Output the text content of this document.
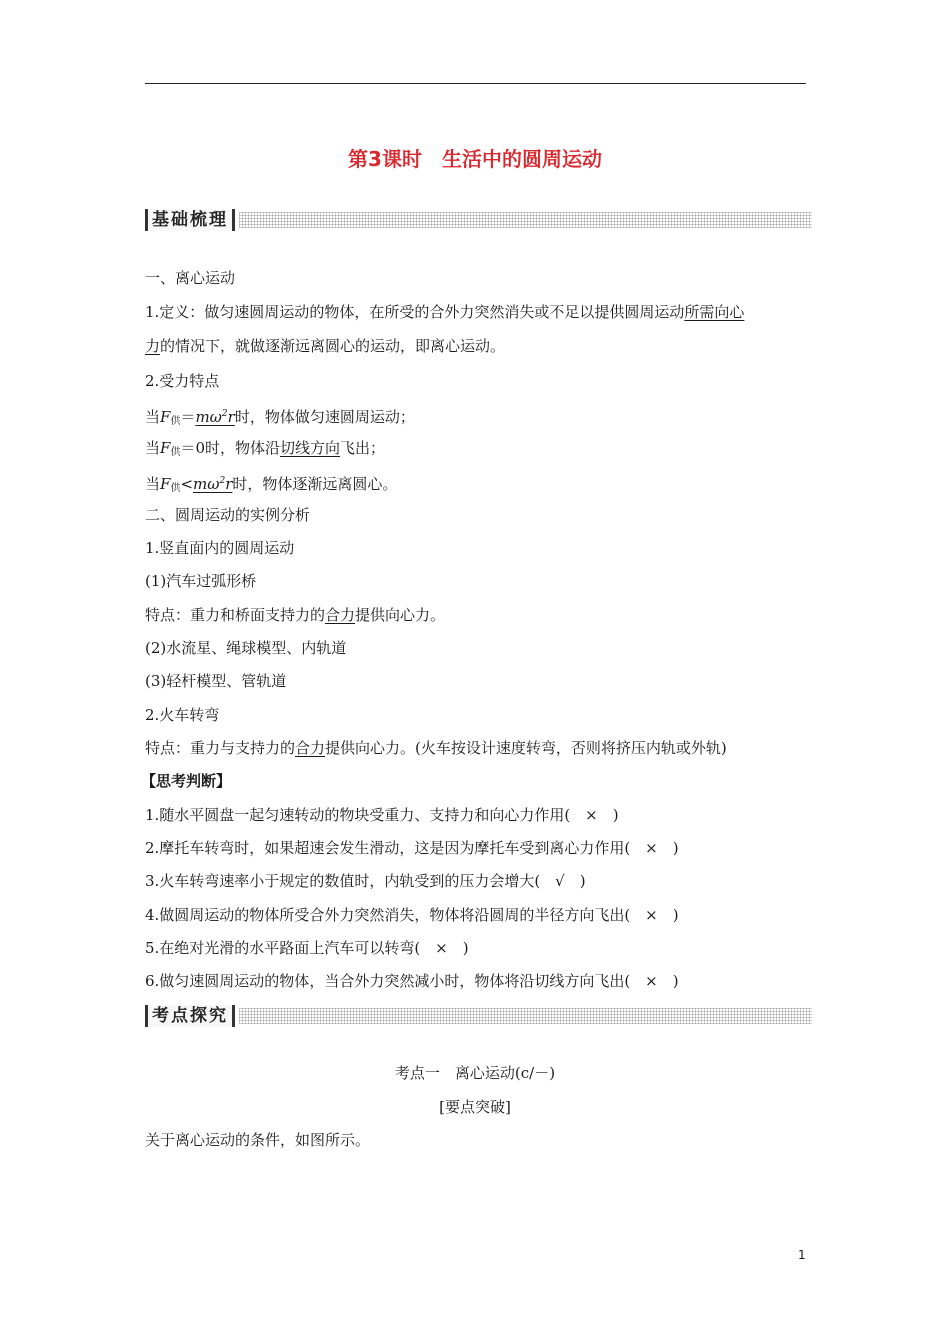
第3课时　生活中的圆周运动
基础梳理
一、离心运动
1.定义：做匀速圆周运动的物体，在所受的合外力突然消失或不足以提供圆周运动所需向心
力的情况下，就做逐渐远离圆心的运动，即离心运动。
2.受力特点
当$F_供=m\omega^2r$时，物体做匀速圆周运动；
当$F_供=0$时，物体沿切线方向飞出；
当$F_供<m\omega^2r$时，物体逐渐远离圆心。
二、圆周运动的实例分析
1.竖直面内的圆周运动
(1)汽车过弧形桥
特点：重力和桥面支持力的合力提供向心力。
(2)水流星、绳球模型、内轨道
(3)轻杆模型、管轨道
2.火车转弯
特点：重力与支持力的合力提供向心力。(火车按设计速度转弯，否则将挤压内轨或外轨)
【思考判断】
1.随水平圆盘一起匀速转动的物块受重力、支持力和向心力作用(　×　)
2.摩托车转弯时，如果超速会发生滑动，这是因为摩托车受到离心力作用(　×　)
3.火车转弯速率小于规定的数值时，内轨受到的压力会增大(　√　)
4.做圆周运动的物体所受合外力突然消失，物体将沿圆周的半径方向飞出(　×　)
5.在绝对光滑的水平路面上汽车可以转弯(　×　)
6.做匀速圆周运动的物体，当合外力突然减小时，物体将沿切线方向飞出(　×　)
考点探究
考点一　离心运动(c/－)
[要点突破]
关于离心运动的条件，如图所示。
1
